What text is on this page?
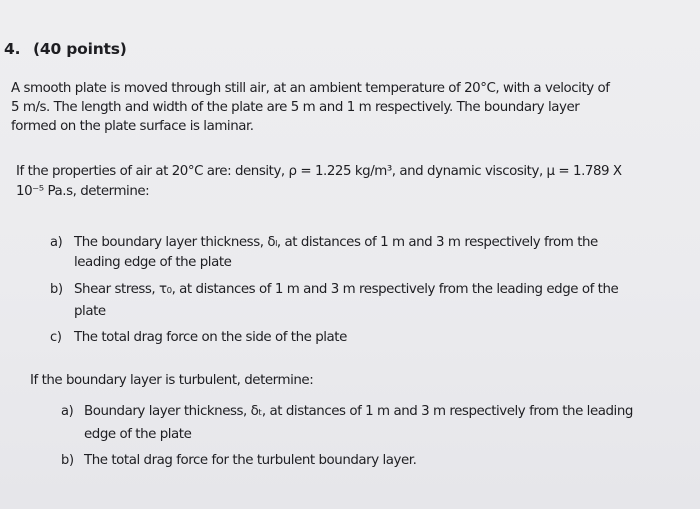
4. (40 points)
A smooth plate is moved through still air, at an ambient temperature of 20°C, with a velocity of
5 m/s. The length and width of the plate are 5 m and 1 m respectively. The boundary layer
formed on the plate surface is laminar.
If the properties of air at 20°C are: density, ρ = 1.225 kg/m³, and dynamic viscosity, μ = 1.789 X
10⁻⁵ Pa.s, determine:
a) The boundary layer thickness, δₗ, at distances of 1 m and 3 m respectively from the
leading edge of the plate
b) Shear stress, τ₀, at distances of 1 m and 3 m respectively from the leading edge of the
plate
c) The total drag force on the side of the plate
If the boundary layer is turbulent, determine:
a) Boundary layer thickness, δₜ, at distances of 1 m and 3 m respectively from the leading
edge of the plate
b) The total drag force for the turbulent boundary layer.
